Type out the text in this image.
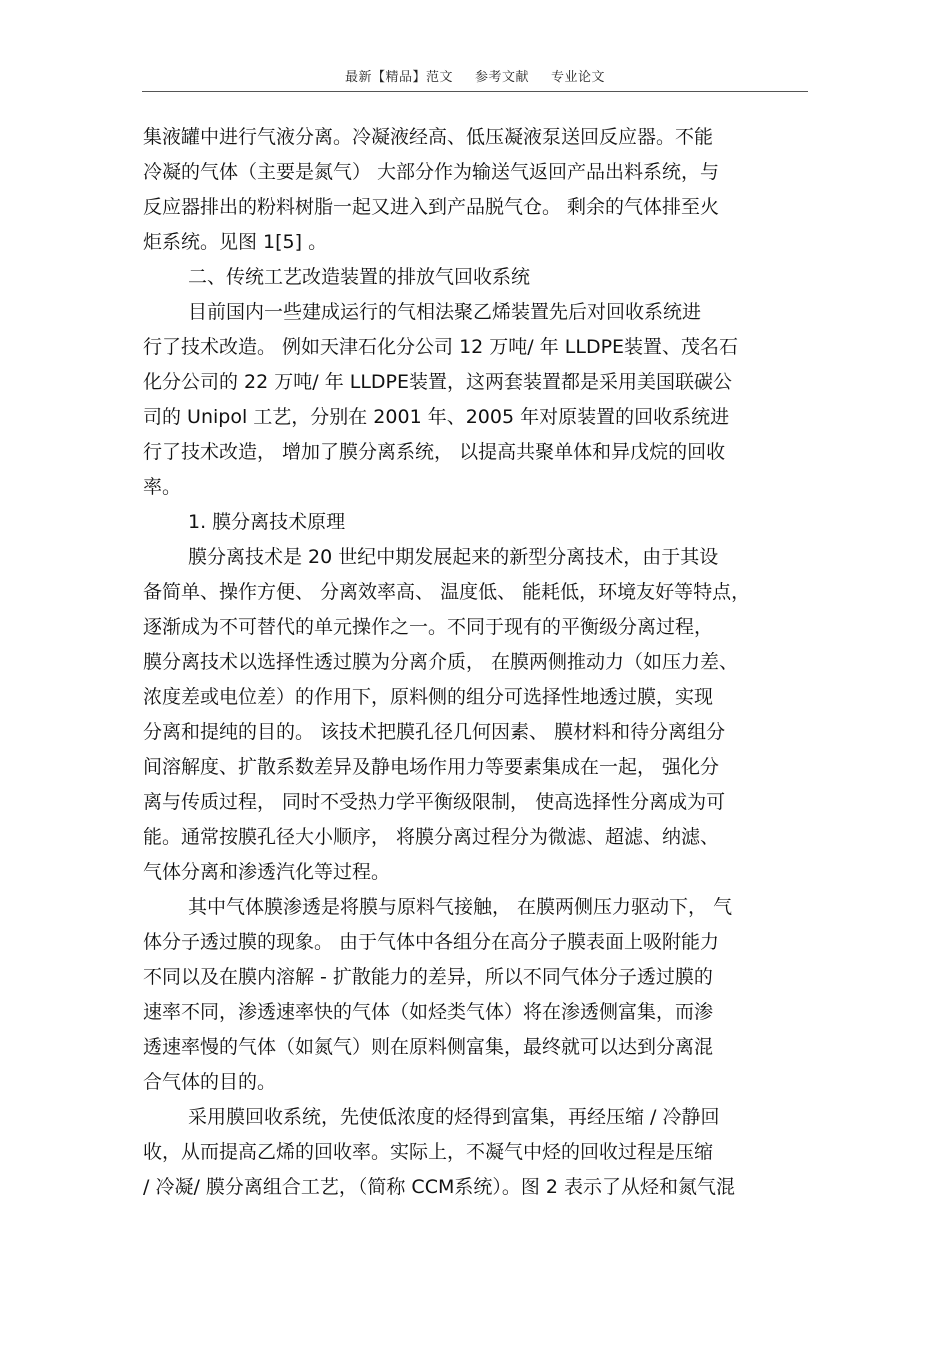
最新【精品】范文 参考文献 专业论文
集液罐中进行气液分离。冷凝液经高、低压凝液泵送回反应器。不能
冷凝的气体（主要是氮气） 大部分作为输送气返回产品出料系统，与
反应器排出的粉料树脂一起又进入到产品脱气仓。 剩余的气体排至火
炬系统。见图 1[5] 。
二、传统工艺改造装置的排放气回收系统
目前国内一些建成运行的气相法聚乙烯装置先后对回收系统进
行了技术改造。 例如天津石化分公司 12 万吨/ 年 LLDPE装置、茂名石
化分公司的 22 万吨/ 年 LLDPE装置，这两套装置都是采用美国联碳公
司的 Unipol 工艺，分别在 2001 年、2005 年对原装置的回收系统进
行了技术改造， 增加了膜分离系统， 以提高共聚单体和异戊烷的回收
率。
1. 膜分离技术原理
膜分离技术是 20 世纪中期发展起来的新型分离技术，由于其设
备简单、操作方便、 分离效率高、 温度低、 能耗低，环境友好等特点，
逐渐成为不可替代的单元操作之一。不同于现有的平衡级分离过程，
膜分离技术以选择性透过膜为分离介质， 在膜两侧推动力（如压力差、
浓度差或电位差）的作用下，原料侧的组分可选择性地透过膜，实现
分离和提纯的目的。 该技术把膜孔径几何因素、 膜材料和待分离组分
间溶解度、扩散系数差异及静电场作用力等要素集成在一起， 强化分
离与传质过程， 同时不受热力学平衡级限制， 使高选择性分离成为可
能。通常按膜孔径大小顺序， 将膜分离过程分为微滤、超滤、纳滤、
气体分离和渗透汽化等过程。
其中气体膜渗透是将膜与原料气接触， 在膜两侧压力驱动下， 气
体分子透过膜的现象。 由于气体中各组分在高分子膜表面上吸附能力
不同以及在膜内溶解 - 扩散能力的差异，所以不同气体分子透过膜的
速率不同，渗透速率快的气体（如烃类气体）将在渗透侧富集，而渗
透速率慢的气体（如氮气）则在原料侧富集，最终就可以达到分离混
合气体的目的。
采用膜回收系统，先使低浓度的烃得到富集，再经压缩 / 冷静回
收，从而提高乙烯的回收率。实际上，不凝气中烃的回收过程是压缩
/ 冷凝/ 膜分离组合工艺，（简称 CCM系统）。图 2 表示了从烃和氮气混
